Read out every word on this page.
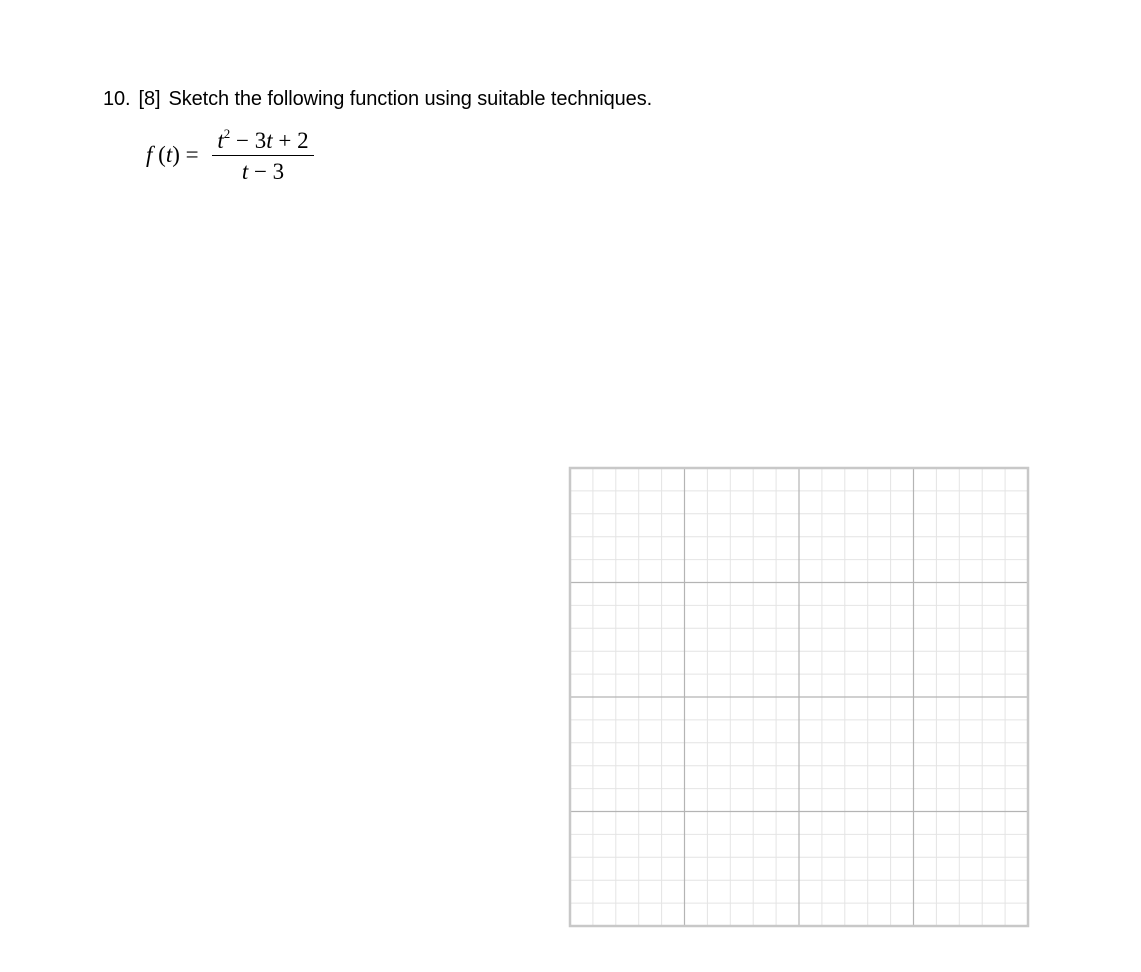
10. [8] Sketch the following function using suitable techniques.
f (t) =
$t^2 - 3t + 2$
t − 3
